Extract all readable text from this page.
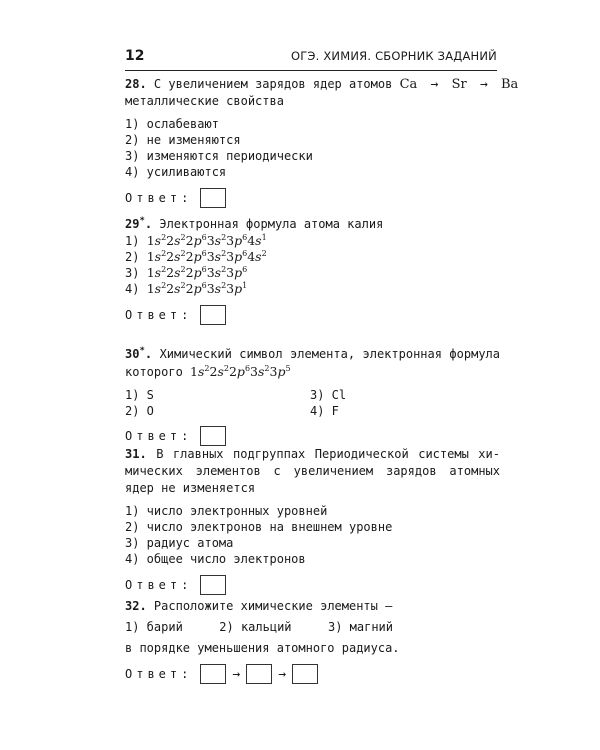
12	ОГЭ. ХИМИЯ. СБОРНИК ЗАДАНИЙ

28. С увеличением зарядов ядер атомов Ca → Sr → Ba

металлические свойства

1) ослабевают

2) не изменяются

3) изменяются периодически

4) усиливаются

Ответ:

29*. Электронная формула атома калия

1) $1s^22s^22p^63s^23p^64s^1$

2) $1s^22s^22p^63s^23p^64s^2$

3) $1s^22s^22p^63s^23p^6$

4) $1s^22s^22p^63s^23p^1$

Ответ:

30*. Химический символ элемента, электронная формула

которого $1s^22s^22p^63s^23p^5$

1) S

2) O

3) Cl

4) F

Ответ:

31. В главных подгруппах Периодической системы хи-

мических элементов с увеличением зарядов атомных

ядер не изменяется

1) число электронных уровней

2) число электронов на внешнем уровне

3) радиус атома

4) общее число электронов

Ответ:

32. Расположите химические элементы —

1) барий	2) кальций	3) магний

в порядке уменьшения атомного радиуса.

Ответ:	→	→
